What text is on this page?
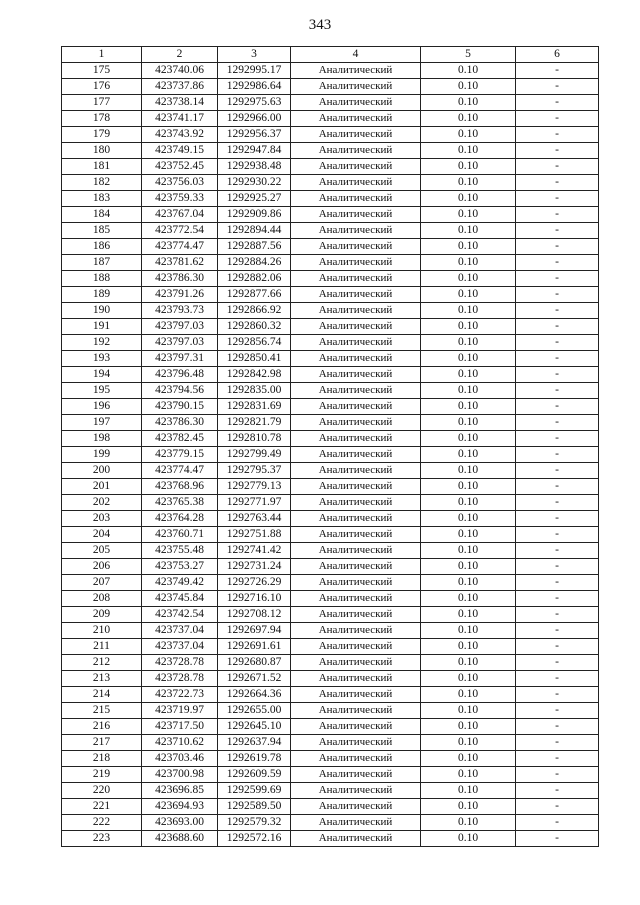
343
1	2	3	4	5	6
175	423740.06	1292995.17	Аналитический	0.10	-
176	423737.86	1292986.64	Аналитический	0.10	-
177	423738.14	1292975.63	Аналитический	0.10	-
178	423741.17	1292966.00	Аналитический	0.10	-
179	423743.92	1292956.37	Аналитический	0.10	-
180	423749.15	1292947.84	Аналитический	0.10	-
181	423752.45	1292938.48	Аналитический	0.10	-
182	423756.03	1292930.22	Аналитический	0.10	-
183	423759.33	1292925.27	Аналитический	0.10	-
184	423767.04	1292909.86	Аналитический	0.10	-
185	423772.54	1292894.44	Аналитический	0.10	-
186	423774.47	1292887.56	Аналитический	0.10	-
187	423781.62	1292884.26	Аналитический	0.10	-
188	423786.30	1292882.06	Аналитический	0.10	-
189	423791.26	1292877.66	Аналитический	0.10	-
190	423793.73	1292866.92	Аналитический	0.10	-
191	423797.03	1292860.32	Аналитический	0.10	-
192	423797.03	1292856.74	Аналитический	0.10	-
193	423797.31	1292850.41	Аналитический	0.10	-
194	423796.48	1292842.98	Аналитический	0.10	-
195	423794.56	1292835.00	Аналитический	0.10	-
196	423790.15	1292831.69	Аналитический	0.10	-
197	423786.30	1292821.79	Аналитический	0.10	-
198	423782.45	1292810.78	Аналитический	0.10	-
199	423779.15	1292799.49	Аналитический	0.10	-
200	423774.47	1292795.37	Аналитический	0.10	-
201	423768.96	1292779.13	Аналитический	0.10	-
202	423765.38	1292771.97	Аналитический	0.10	-
203	423764.28	1292763.44	Аналитический	0.10	-
204	423760.71	1292751.88	Аналитический	0.10	-
205	423755.48	1292741.42	Аналитический	0.10	-
206	423753.27	1292731.24	Аналитический	0.10	-
207	423749.42	1292726.29	Аналитический	0.10	-
208	423745.84	1292716.10	Аналитический	0.10	-
209	423742.54	1292708.12	Аналитический	0.10	-
210	423737.04	1292697.94	Аналитический	0.10	-
211	423737.04	1292691.61	Аналитический	0.10	-
212	423728.78	1292680.87	Аналитический	0.10	-
213	423728.78	1292671.52	Аналитический	0.10	-
214	423722.73	1292664.36	Аналитический	0.10	-
215	423719.97	1292655.00	Аналитический	0.10	-
216	423717.50	1292645.10	Аналитический	0.10	-
217	423710.62	1292637.94	Аналитический	0.10	-
218	423703.46	1292619.78	Аналитический	0.10	-
219	423700.98	1292609.59	Аналитический	0.10	-
220	423696.85	1292599.69	Аналитический	0.10	-
221	423694.93	1292589.50	Аналитический	0.10	-
222	423693.00	1292579.32	Аналитический	0.10	-
223	423688.60	1292572.16	Аналитический	0.10	-
